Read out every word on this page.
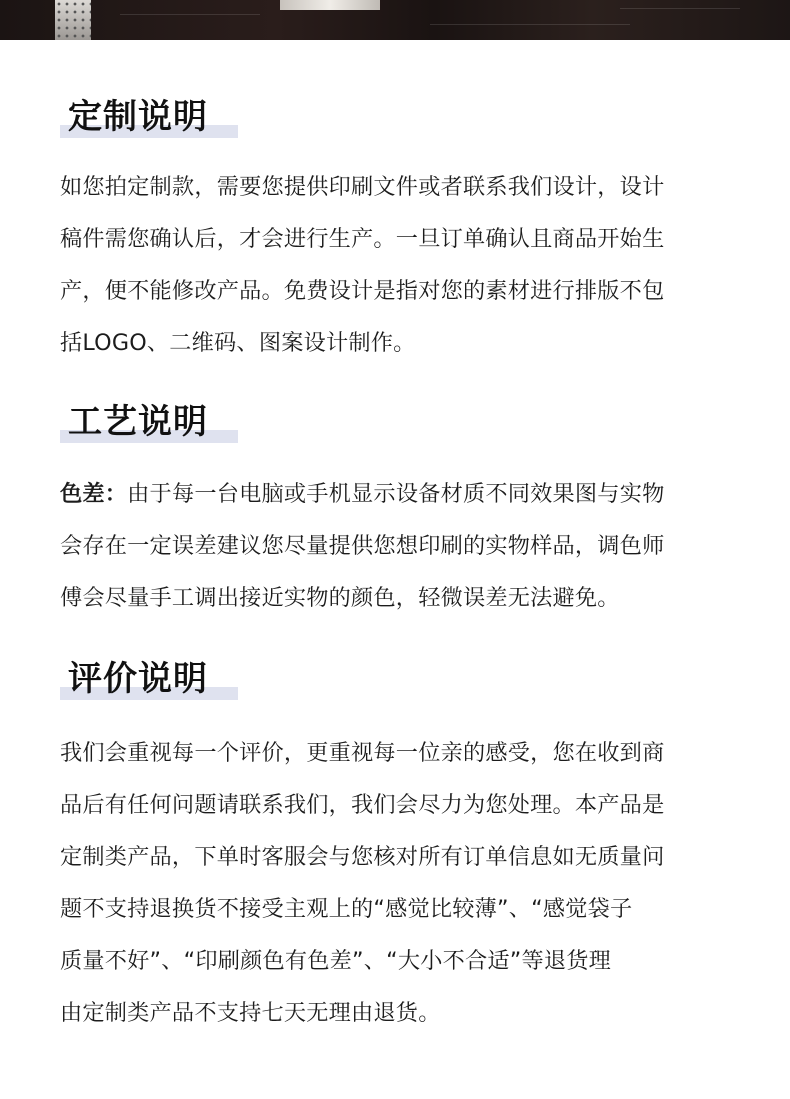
定制说明
如您拍定制款，需要您提供印刷文件或者联系我们设计，设计
稿件需您确认后，才会进行生产。一旦订单确认且商品开始生
产，便不能修改产品。免费设计是指对您的素材进行排版不包
括LOGO、二维码、图案设计制作。
工艺说明
色差：由于每一台电脑或手机显示设备材质不同效果图与实物
会存在一定误差建议您尽量提供您想印刷的实物样品，调色师
傅会尽量手工调出接近实物的颜色，轻微误差无法避免。
评价说明
我们会重视每一个评价，更重视每一位亲的感受，您在收到商
品后有任何问题请联系我们，我们会尽力为您处理。本产品是
定制类产品，下单时客服会与您核对所有订单信息如无质量问
题不支持退换货不接受主观上的“感觉比较薄”、“感觉袋子
质量不好”、“印刷颜色有色差”、“大小不合适”等退货理
由定制类产品不支持七天无理由退货。
